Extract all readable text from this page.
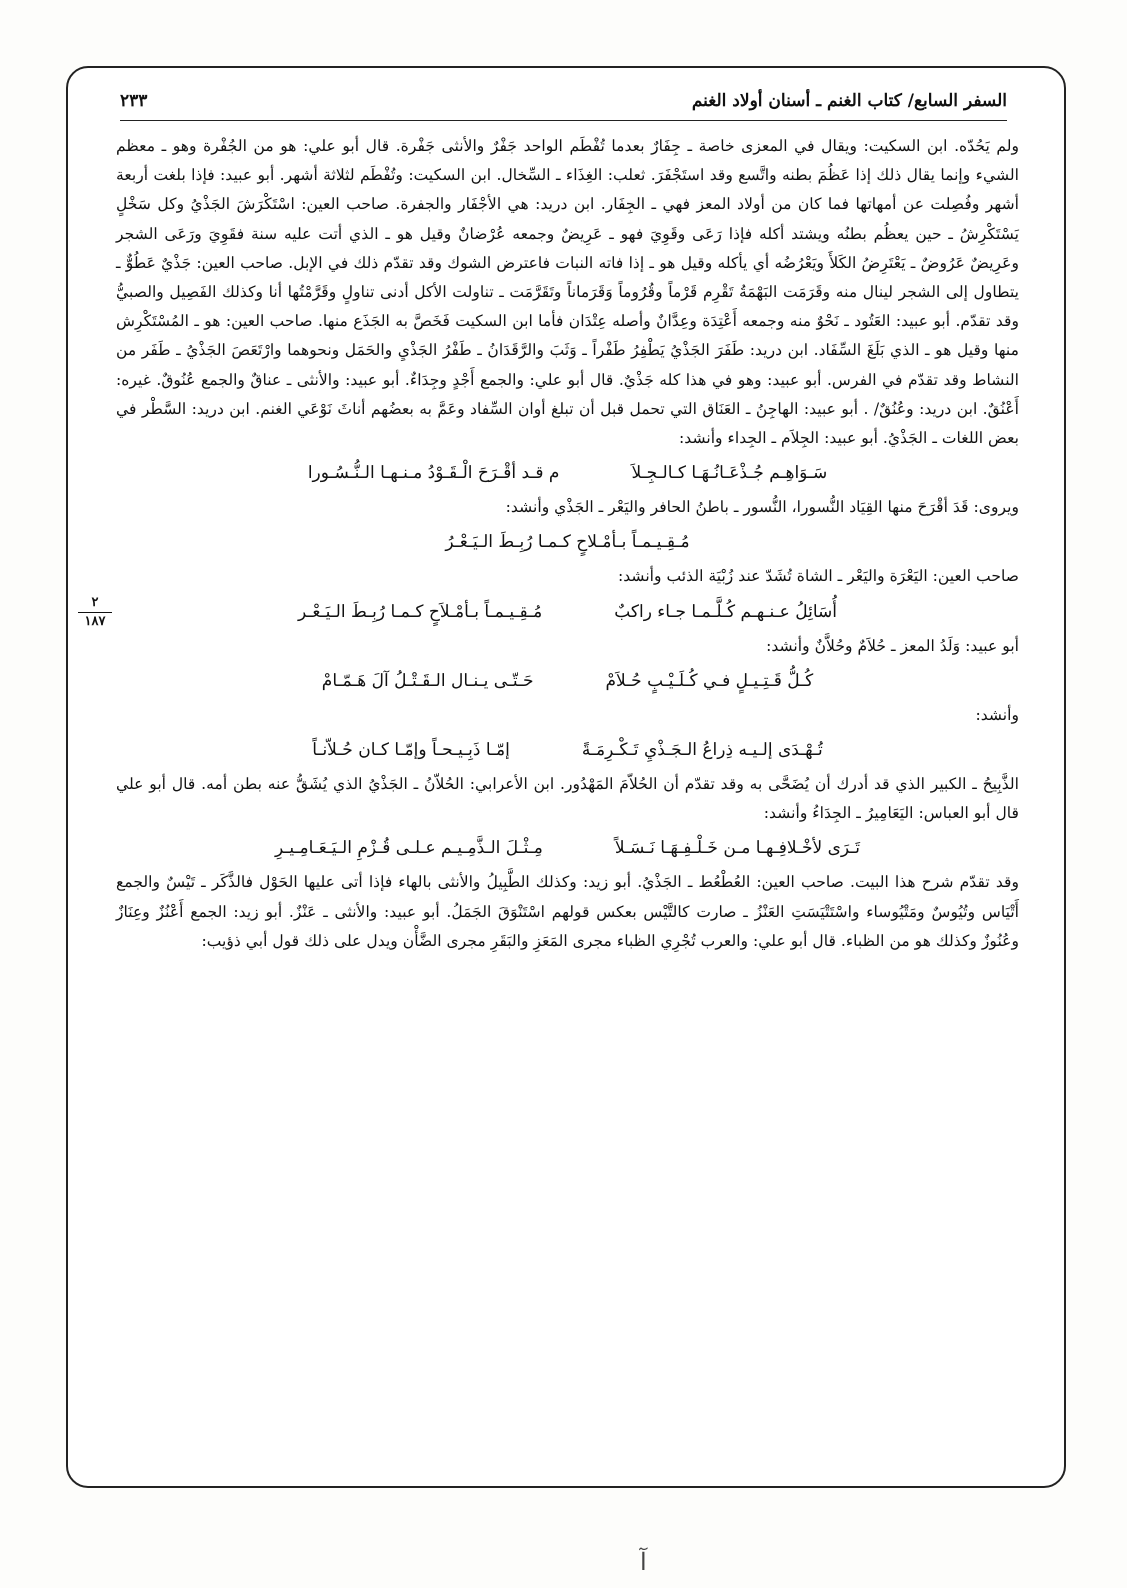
السفر السابع/ كتاب الغنم ـ أسنان أولاد الغنم
٢٣٣
٢
١٨٧

ولم يَحُدّه. ابن السكيت: ويقال في المعزى خاصة ـ جِفَارٌ بعدما تُفْطَم الواحد جَفْرٌ والأنثى جَفْرة. قال أبو علي: هو من الجُفْرة وهو ـ معظم الشيء وإنما يقال ذلك إذا عَظُمَ بطنه واتَّسع وقد استَجْفَرَ. ثعلب: الغِذَاء ـ السِّخال. ابن السكيت: وتُفْطَم لثلاثة أشهر. أبو عبيد: فإذا بلغت أربعة أشهر وفُصِلت عن أمهاتها فما كان من أولاد المعز فهي ـ الجِفَار. ابن دريد: هي الأجْفَار والجفرة. صاحب العين: اسْتَكْرَشَ الجَذْيُ وكل سَخْلٍ يَسْتَكْرِشُ ـ حين يعظُم بطنُه ويشتد أكله فإذا رَعَى وقَوِيَ فهو ـ عَرِيضٌ وجمعه عُرْضانٌ وقيل هو ـ الذي أتت عليه سنة فقَوِيَ ورَعَى الشجر وعَرِيضٌ عَرُوضٌ ـ يَعْتَرِضُ الكَلأَ ويَعْرُضُه أي يأكله وقيل هو ـ إذا فاته النبات فاعترض الشوك وقد تقدّم ذلك في الإبل. صاحب العين: جَذْيٌ عَطُوٌّ ـ يتطاول إلى الشجر لينال منه وقَرَمَت البَهْمَةُ تَقْرِم قَرْماً وقُرُوماً وَقَرَماناً وتَقَرَّمَت ـ تناولت الأكل أدنى تناولٍ وقَرَّمْتُها أنا وكذلك الفَصِيل والصبيُّ وقد تقدّم. أبو عبيد: العَتُود ـ نَحْوٌ منه وجمعه أَعْتِدَة وعِدَّانٌ وأصله عِتْدَان فأما ابن السكيت فَخَصَّ به الجَذَع منها. صاحب العين: هو ـ المُسْتَكْرِش منها وقيل هو ـ الذي بَلَغَ السِّفَاد. ابن دريد: طَفَرَ الجَذْيُ يَطْفِرُ طَفْراً ـ وَثَبَ والرَّقَدَانُ ـ طَفْرُ الجَذْيِ والحَمَل ونحوهما وارْتَعَصَ الجَذْيُ ـ طَفَر من النشاط وقد تقدّم في الفرس. أبو عبيد: وهو في هذا كله جَذْيٌ. قال أبو علي: والجمع أَجْدٍ وجِدَاءٌ. أبو عبيد: والأنثى ـ عناقٌ والجمع عُنُوقٌ. غيره: أَعْنُقٌ. ابن دريد: وعُنُقٌ/ . أبو عبيد: الهاجِنُ ـ العَنَاق التي تحمل قبل أن تبلغ أوان السِّفاد وعَمَّ به بعضُهم أناثَ نَوْعَي الغنم. ابن دريد: السَّطْر في بعض اللغات ـ الجَذْيُ. أبو عبيد: الجِلاَم ـ الجِداء وأنشد:

سَـوَاهِـم جُـذْعَـانُـهَـا كـالـجِـلاَ
م قـد أقْـرَحَ الْـقَـوْدُ مـنـهـا الـنُّـسُـورا

ويروى: قَدَ أقْرَحَ منها القِيَاد النُّسورا، النُّسور ـ باطنُ الحافر واليَعْر ـ الجَذْي وأنشد:

مُـقِـيـمـاً بـأمْـلاحٍ كـمـا رُبِـطَ الـيَـعْـرُ

صاحب العين: اليَعْرَة واليَعْر ـ الشاة تُشَدّ عند زُبْيَة الذئب وأنشد:

أُسَائِلُ عـنـهـم كُـلَّـمـا جـاء راكبٌ
مُـقِـيـمـاً بـأمْـلاَحٍ كـمـا رُبِـطَ الـيَـعْـر

أبو عبيد: وَلَدُ المعز ـ حُلاَمٌ وحُلاَّنٌ وأنشد:

كُـلُّ قَـتِـيـلٍ فـي كُـلَـيْـبٍ حُـلاَمْ
حَـتّـى يـنـال الـقَـتْـلُ آلَ هَـمّـامْ

وأنشد:

تُـهْـدَى إلـيـه ذِراعُ الـجَـذْيِ تَـكْـرِمَـةً
إمّـا ذَبِـيـحـاً وإمّـا كـان حُـلاّنـاً

الذَّبِيحُ ـ الكبير الذي قد أدرك أن يُضَحَّى به وقد تقدّم أن الحُلاّمَ المَهْدُور. ابن الأعرابي: الحُلاّنُ ـ الجَذْيُ الذي يُشَقُّ عنه بطن أمه. قال أبو علي قال أبو العباس: اليَعَامِيرُ ـ الجِدَاءُ وأنشد:

تَـرَى لأخْـلافِـهـا مـن خَـلْـفِـهَـا نَـسَـلاً
مِـثْـلَ الـذَّمِـيـم عـلـى قُـزْمِ الـيَـعَـامِـيـرِ

وقد تقدّم شرح هذا البيت. صاحب العين: العُطْعُط ـ الجَذْيُ. أبو زيد: وكذلك الطَّبِيلُ والأنثى بالهاء فإذا أتى عليها الحَوْل فالذَّكَر ـ تَيْسٌ والجمع أَتْيَاس وتُيُوسٌ ومَتْيُوساء واسْتَتْيَسَتِ العَنْزُ ـ صارت كالتَّيْس بعكس قولهم اسْتَنْوَقَ الجَمَلُ. أبو عبيد: والأنثى ـ عَنْزٌ. أبو زيد: الجمع أَعْنُزٌ وعِنَازٌ وعُنُوزٌ وكذلك هو من الظباء. قال أبو علي: والعرب تُجْرِي الظباء مجرى المَعَزِ والبَقَرِ مجرى الضَّأْن ويدل على ذلك قول أبي ذؤيب:

آ
